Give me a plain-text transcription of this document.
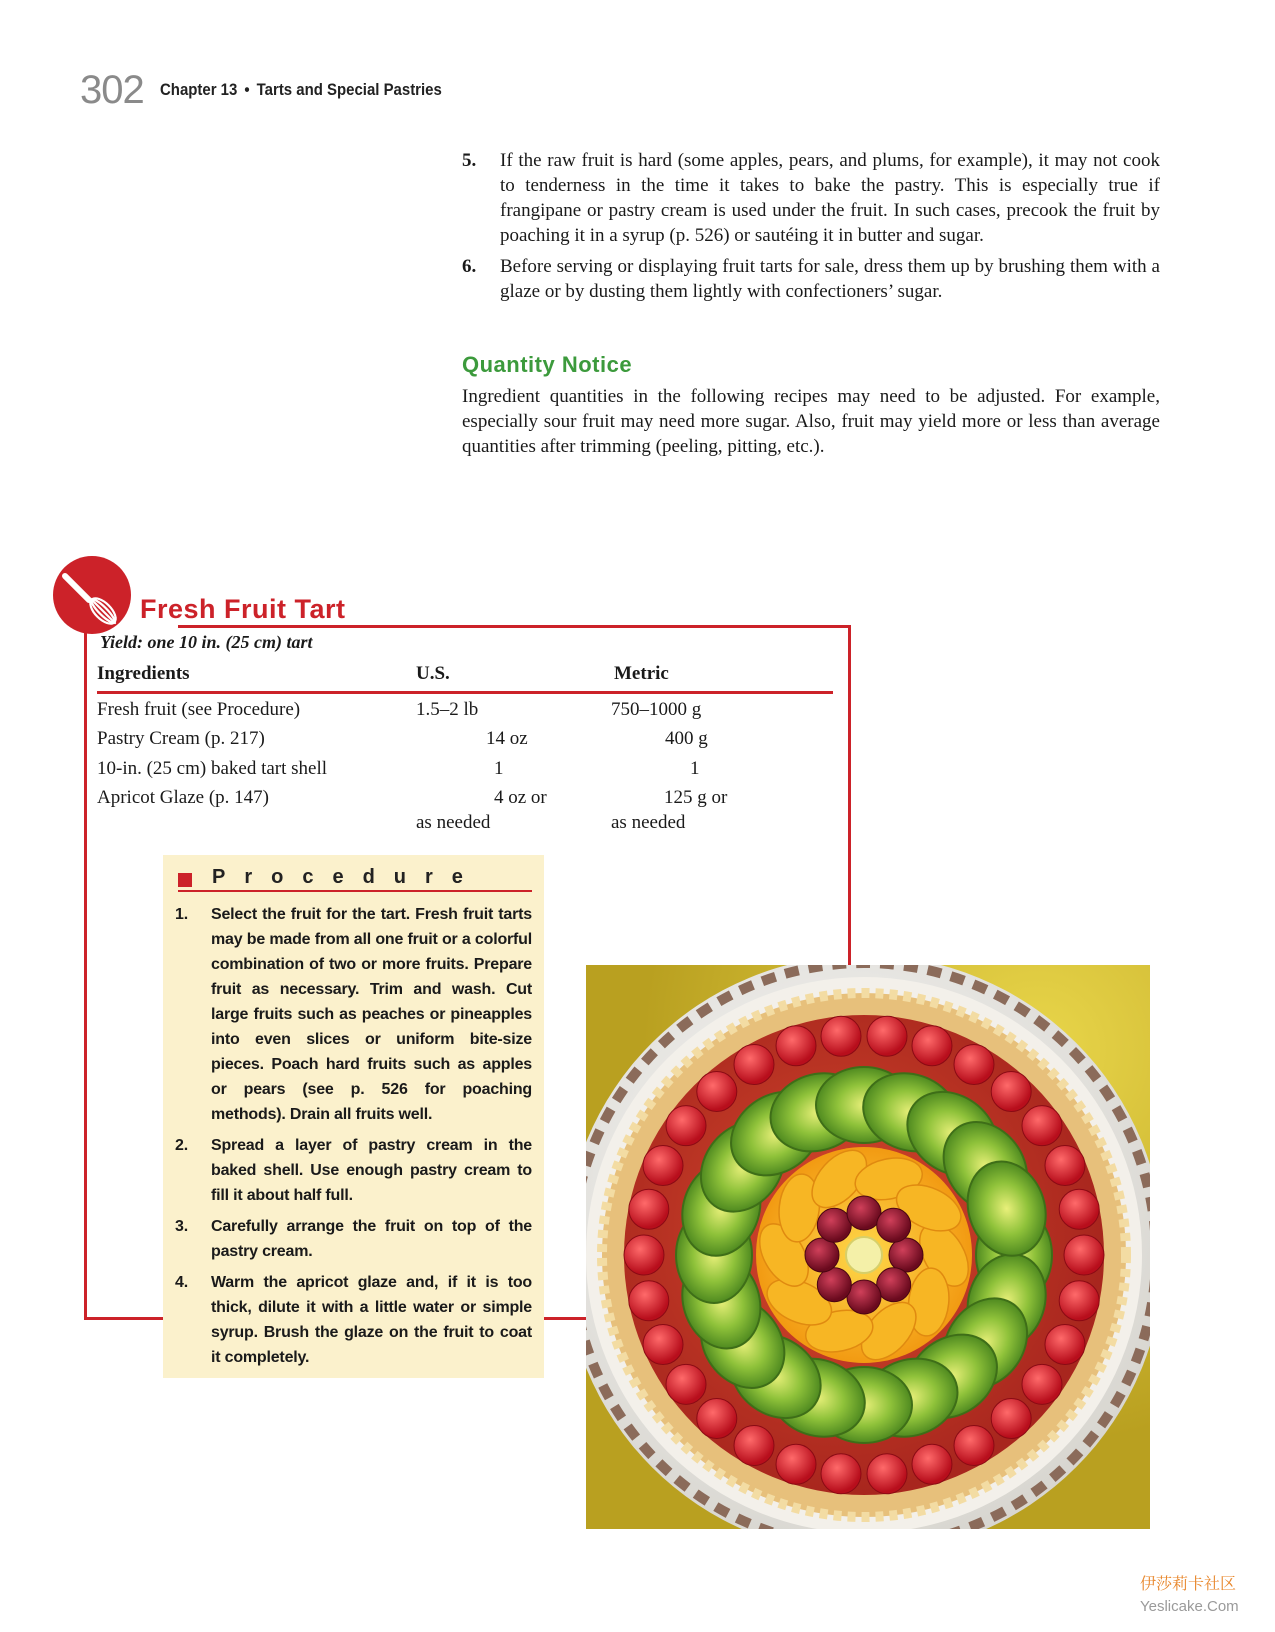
302 Chapter 13 • Tarts and Special Pastries
5. If the raw fruit is hard (some apples, pears, and plums, for example), it may not cook to tenderness in the time it takes to bake the pastry. This is especially true if frangipane or pastry cream is used under the fruit. In such cases, precook the fruit by poaching it in a syrup (p. 526) or sautéing it in butter and sugar.
6. Before serving or displaying fruit tarts for sale, dress them up by brushing them with a glaze or by dusting them lightly with confectioners’ sugar.
Quantity Notice
Ingredient quantities in the following recipes may need to be adjusted. For example, especially sour fruit may need more sugar. Also, fruit may yield more or less than average quantities after trimming (peeling, pitting, etc.).
Fresh Fruit Tart
Yield: one 10 in. (25 cm) tart
Ingredients	U.S.	Metric
Fresh fruit (see Procedure)	1.5–2 lb	750–1000 g
Pastry Cream (p. 217)	14 oz	400 g
10-in. (25 cm) baked tart shell	1	1
Apricot Glaze (p. 147)	4 oz or	125 g or
as needed	as needed
Procedure
1. Select the fruit for the tart. Fresh fruit tarts may be made from all one fruit or a colorful combination of two or more fruits. Prepare fruit as necessary. Trim and wash. Cut large fruits such as peaches or pineapples into even slices or uniform bite-size pieces. Poach hard fruits such as apples or pears (see p. 526 for poaching methods). Drain all fruits well.
2. Spread a layer of pastry cream in the baked shell. Use enough pastry cream to fill it about half full.
3. Carefully arrange the fruit on top of the pastry cream.
4. Warm the apricot glaze and, if it is too thick, dilute it with a little water or simple syrup. Brush the glaze on the fruit to coat it completely.
伊莎莉卡社区
Yeslicake.Com
